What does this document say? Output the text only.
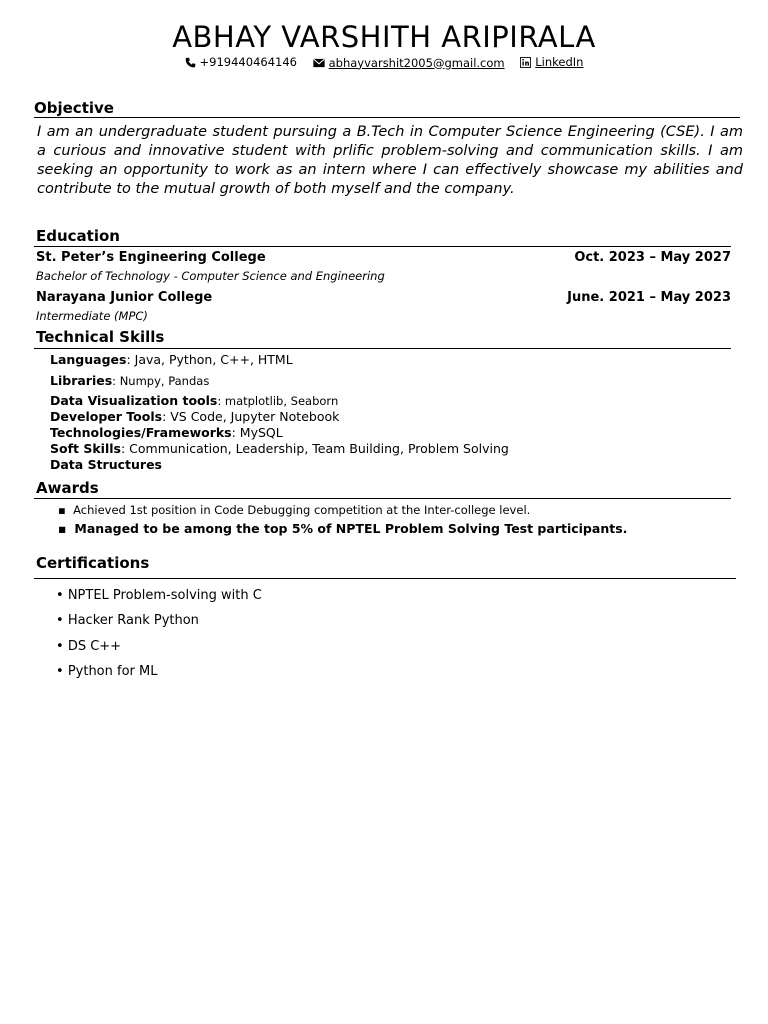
ABHAY VARSHITH ARIPIRALA
+919440464146
	abhayvarshit2005@gmail.com
	LinkedIn
Objective
I am an undergraduate student pursuing a B.Tech in Computer Science Engineering (CSE). I am a curious and innovative student with prlific problem-solving and communication skills. I am seeking an opportunity to work as an intern where I can effectively showcase my abilities and contribute to the mutual growth of both myself and the company.
Education
St. Peter’s Engineering College	Oct. 2023 – May 2027
Bachelor of Technology - Computer Science and Engineering
Narayana Junior College	June. 2021 – May 2023
Intermediate (MPC)
Technical Skills
Languages: Java, Python, C++, HTML
Libraries: Numpy, Pandas
Data Visualization tools: matplotlib, Seaborn
Developer Tools: VS Code, Jupyter Notebook
Technologies/Frameworks: MySQL
Soft Skills: Communication, Leadership, Team Building, Problem Solving
Data Structures
Awards
▪  Achieved 1st position in Code Debugging competition at the Inter-college level.
▪  Managed to be among the top 5% of NPTEL Problem Solving Test participants.
Certifications
• NPTEL Problem-solving with C
• Hacker Rank Python
• DS C++
• Python for ML
